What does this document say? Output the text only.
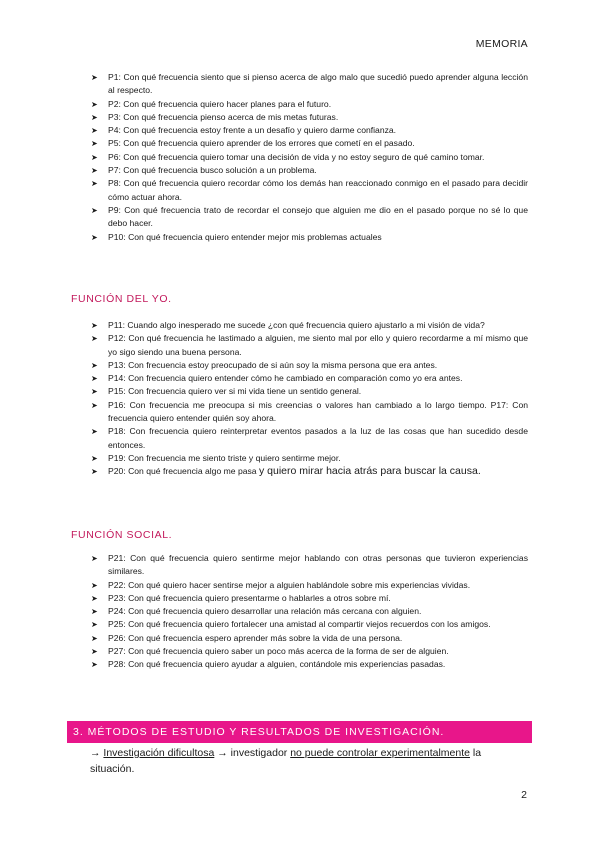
MEMORIA
➤ P1: Con qué frecuencia siento que si pienso acerca de algo malo que sucedió puedo aprender alguna lección al respecto.
➤ P2: Con qué frecuencia quiero hacer planes para el futuro.
➤ P3: Con qué frecuencia pienso acerca de mis metas futuras.
➤ P4: Con qué frecuencia estoy frente a un desafío y quiero darme confianza.
➤ P5: Con qué frecuencia quiero aprender de los errores que cometí en el pasado.
➤ P6: Con qué frecuencia quiero tomar una decisión de vida y no estoy seguro de qué camino tomar.
➤ P7: Con qué frecuencia busco solución a un problema.
➤ P8: Con qué frecuencia quiero recordar cómo los demás han reaccionado conmigo en el pasado para decidir cómo actuar ahora.
➤ P9: Con qué frecuencia trato de recordar el consejo que alguien me dio en el pasado porque no sé lo que debo hacer.
➤ P10: Con qué frecuencia quiero entender mejor mis problemas actuales
FUNCIÓN DEL YO.
➤ P11: Cuando algo inesperado me sucede ¿con qué frecuencia quiero ajustarlo a mi visión de vida?
➤ P12: Con qué frecuencia he lastimado a alguien, me siento mal por ello y quiero recordarme a mí mismo que yo sigo siendo una buena persona.
➤ P13: Con frecuencia estoy preocupado de si aún soy la misma persona que era antes.
➤ P14: Con frecuencia quiero entender cómo he cambiado en comparación como yo era antes.
➤ P15: Con frecuencia quiero ver si mi vida tiene un sentido general.
➤ P16: Con frecuencia me preocupa si mis creencias o valores han cambiado a lo largo tiempo. P17: Con frecuencia quiero entender quién soy ahora.
➤ P18: Con frecuencia quiero reinterpretar eventos pasados a la luz de las cosas que han sucedido desde entonces.
➤ P19: Con frecuencia me siento triste y quiero sentirme mejor.
➤ P20: Con qué frecuencia algo me pasa y quiero mirar hacia atrás para buscar la causa.
FUNCIÓN SOCIAL.
➤ P21: Con qué frecuencia quiero sentirme mejor hablando con otras personas que tuvieron experiencias similares.
➤ P22: Con qué quiero hacer sentirse mejor a alguien hablándole sobre mis experiencias vividas.
➤ P23: Con qué frecuencia quiero presentarme o hablarles a otros sobre mí.
➤ P24: Con qué frecuencia quiero desarrollar una relación más cercana con alguien.
➤ P25: Con qué frecuencia quiero fortalecer una amistad al compartir viejos recuerdos con los amigos.
➤ P26: Con qué frecuencia espero aprender más sobre la vida de una persona.
➤ P27: Con qué frecuencia quiero saber un poco más acerca de la forma de ser de alguien.
➤ P28: Con qué frecuencia quiero ayudar a alguien, contándole mis experiencias pasadas.
3. MÉTODOS DE ESTUDIO Y RESULTADOS DE INVESTIGACIÓN.
→ Investigación dificultosa → investigador no puede controlar experimentalmente la situación.
2
